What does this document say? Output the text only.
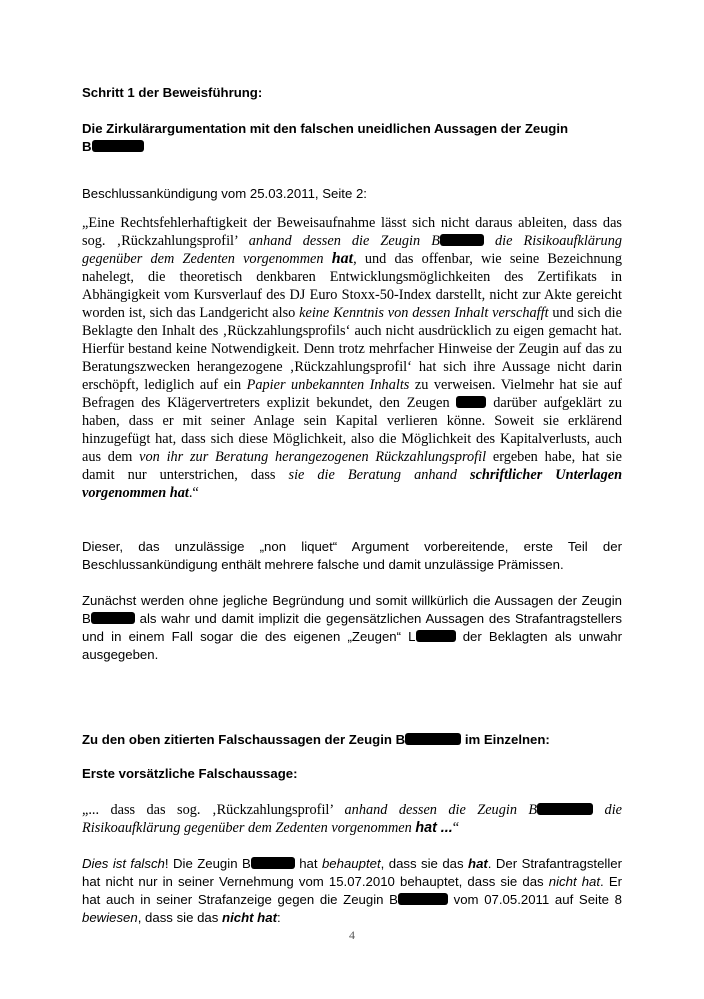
Schritt 1 der Beweisführung:

Die Zirkulärargumentation mit den falschen uneidlichen Aussagen der Zeugin
B

Beschlussankündigung vom 25.03.2011, Seite 2:

„Eine Rechtsfehlerhaftigkeit der Beweisaufnahme lässt sich nicht daraus ableiten, dass das sog. ‚Rückzahlungsprofil’ anhand dessen die Zeugin B	die Risikoaufklärung gegenüber dem Zedenten vorgenommen hat, und das offenbar, wie seine Bezeichnung nahelegt, die theoretisch denkbaren Entwicklungsmöglichkeiten des Zertifikats in Abhängigkeit vom Kursverlauf des DJ Euro Stoxx-50-Index darstellt, nicht zur Akte gereicht worden ist, sich das Landgericht also keine Kenntnis von dessen Inhalt verschafft und sich die Beklagte den Inhalt des ‚Rückzahlungsprofils‘ auch nicht ausdrücklich zu eigen gemacht hat. Hierfür bestand keine Notwendigkeit. Denn trotz mehrfacher Hinweise der Zeugin auf das zu Beratungszwecken herangezogene ‚Rückzahlungsprofil‘ hat sich ihre Aussage nicht darin erschöpft, lediglich auf ein Papier unbekannten Inhalts zu verweisen. Vielmehr hat sie auf Befragen des Klägervertreters explizit bekundet, den Zeugen  darüber aufgeklärt zu haben, dass er mit seiner Anlage sein Kapital verlieren könne. Soweit sie erklärend hinzugefügt hat, dass sich diese Möglichkeit, also die Möglichkeit des Kapitalverlusts, auch aus dem von ihr zur Beratung herangezogenen Rückzahlungsprofil ergeben habe, hat sie damit nur unterstrichen, dass sie die Beratung anhand schriftlicher Unterlagen vorgenommen hat.“

Dieser, das unzulässige „non liquet“ Argument vorbereitende, erste Teil der Beschlussankündigung enthält mehrere falsche und damit unzulässige Prämissen.

Zunächst werden ohne jegliche Begründung und somit willkürlich die Aussagen der Zeugin B	als wahr und damit implizit die gegensätzlichen Aussagen des Strafantragstellers und in einem Fall sogar die des eigenen „Zeugen“ L	der Beklagten als unwahr ausgegeben.

Zu den oben zitierten Falschaussagen der Zeugin B	im Einzelnen:

Erste vorsätzliche Falschaussage:

„... dass das sog. ‚Rückzahlungsprofil’ anhand dessen die Zeugin B	die Risikoaufklärung gegenüber dem Zedenten vorgenommen hat ...“

Dies ist falsch! Die Zeugin B	hat behauptet, dass sie das hat. Der Strafantragsteller hat nicht nur in seiner Vernehmung vom 15.07.2010 behauptet, dass sie das nicht hat. Er hat auch in seiner Strafanzeige gegen die Zeugin B	vom 07.05.2011 auf Seite 8 bewiesen, dass sie das nicht hat:

4
